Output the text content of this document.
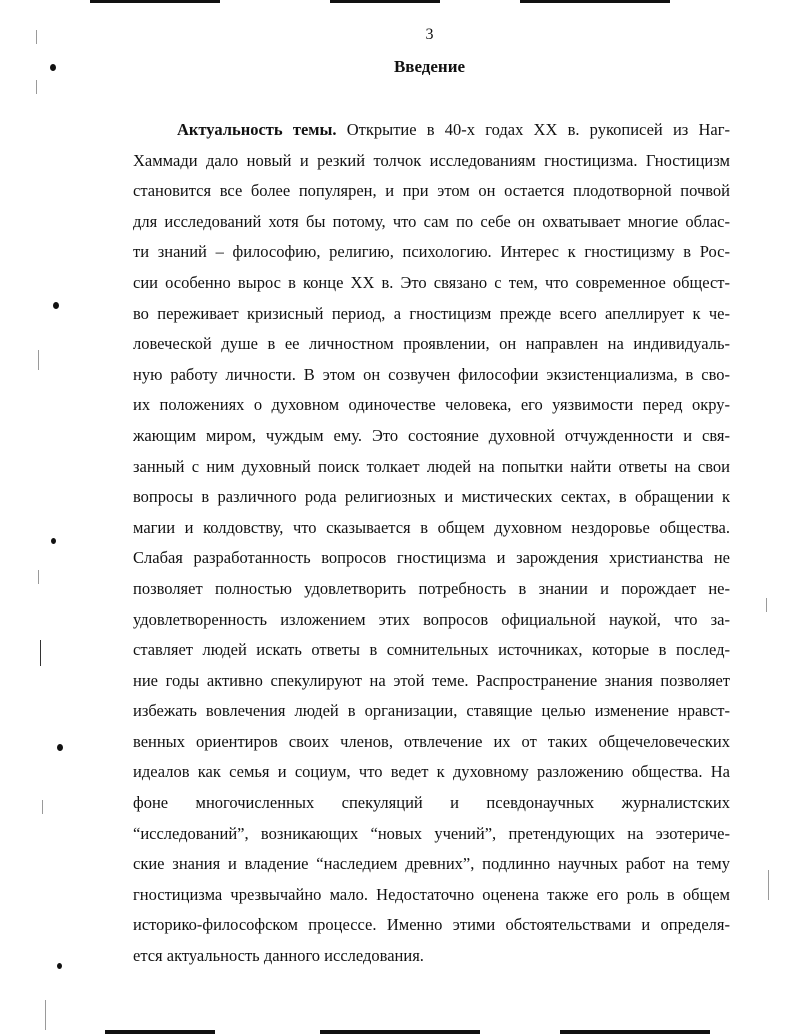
3
Введение
Актуальность темы. Открытие в 40-х годах XX в. рукописей из Наг-
Хаммади дало новый и резкий толчок исследованиям гностицизма. Гностицизм
становится все более популярен, и при этом он остается плодотворной почвой
для исследований хотя бы потому, что сам по себе он охватывает многие облас-
ти знаний – философию, религию, психологию. Интерес к гностицизму в Рос-
сии особенно вырос в конце XX в. Это связано с тем, что современное общест-
во переживает кризисный период, а гностицизм прежде всего апеллирует к че-
ловеческой душе в ее личностном проявлении, он направлен на индивидуаль-
ную работу личности. В этом он созвучен философии экзистенциализма, в сво-
их положениях о духовном одиночестве человека, его уязвимости перед окру-
жающим миром, чуждым ему. Это состояние духовной отчужденности и свя-
занный с ним духовный поиск толкает людей на попытки найти ответы на свои
вопросы в различного рода религиозных и мистических сектах, в обращении к
магии и колдовству, что сказывается в общем духовном нездоровье общества.
Слабая разработанность вопросов гностицизма и зарождения христианства не
позволяет полностью удовлетворить потребность в знании и порождает не-
удовлетворенность изложением этих вопросов официальной наукой, что за-
ставляет людей искать ответы в сомнительных источниках, которые в послед-
ние годы активно спекулируют на этой теме. Распространение знания позволяет
избежать вовлечения людей в организации, ставящие целью изменение нравст-
венных ориентиров своих членов, отвлечение их от таких общечеловеческих
идеалов как семья и социум, что ведет к духовному разложению общества. На
фоне многочисленных спекуляций и псевдонаучных журналистских
“исследований”, возникающих “новых учений”, претендующих на эзотериче-
ские знания и владение “наследием древних”, подлинно научных работ на тему
гностицизма чрезвычайно мало. Недостаточно оценена также его роль в общем
историко-философском процессе. Именно этими обстоятельствами и определя-
ется актуальность данного исследования.
